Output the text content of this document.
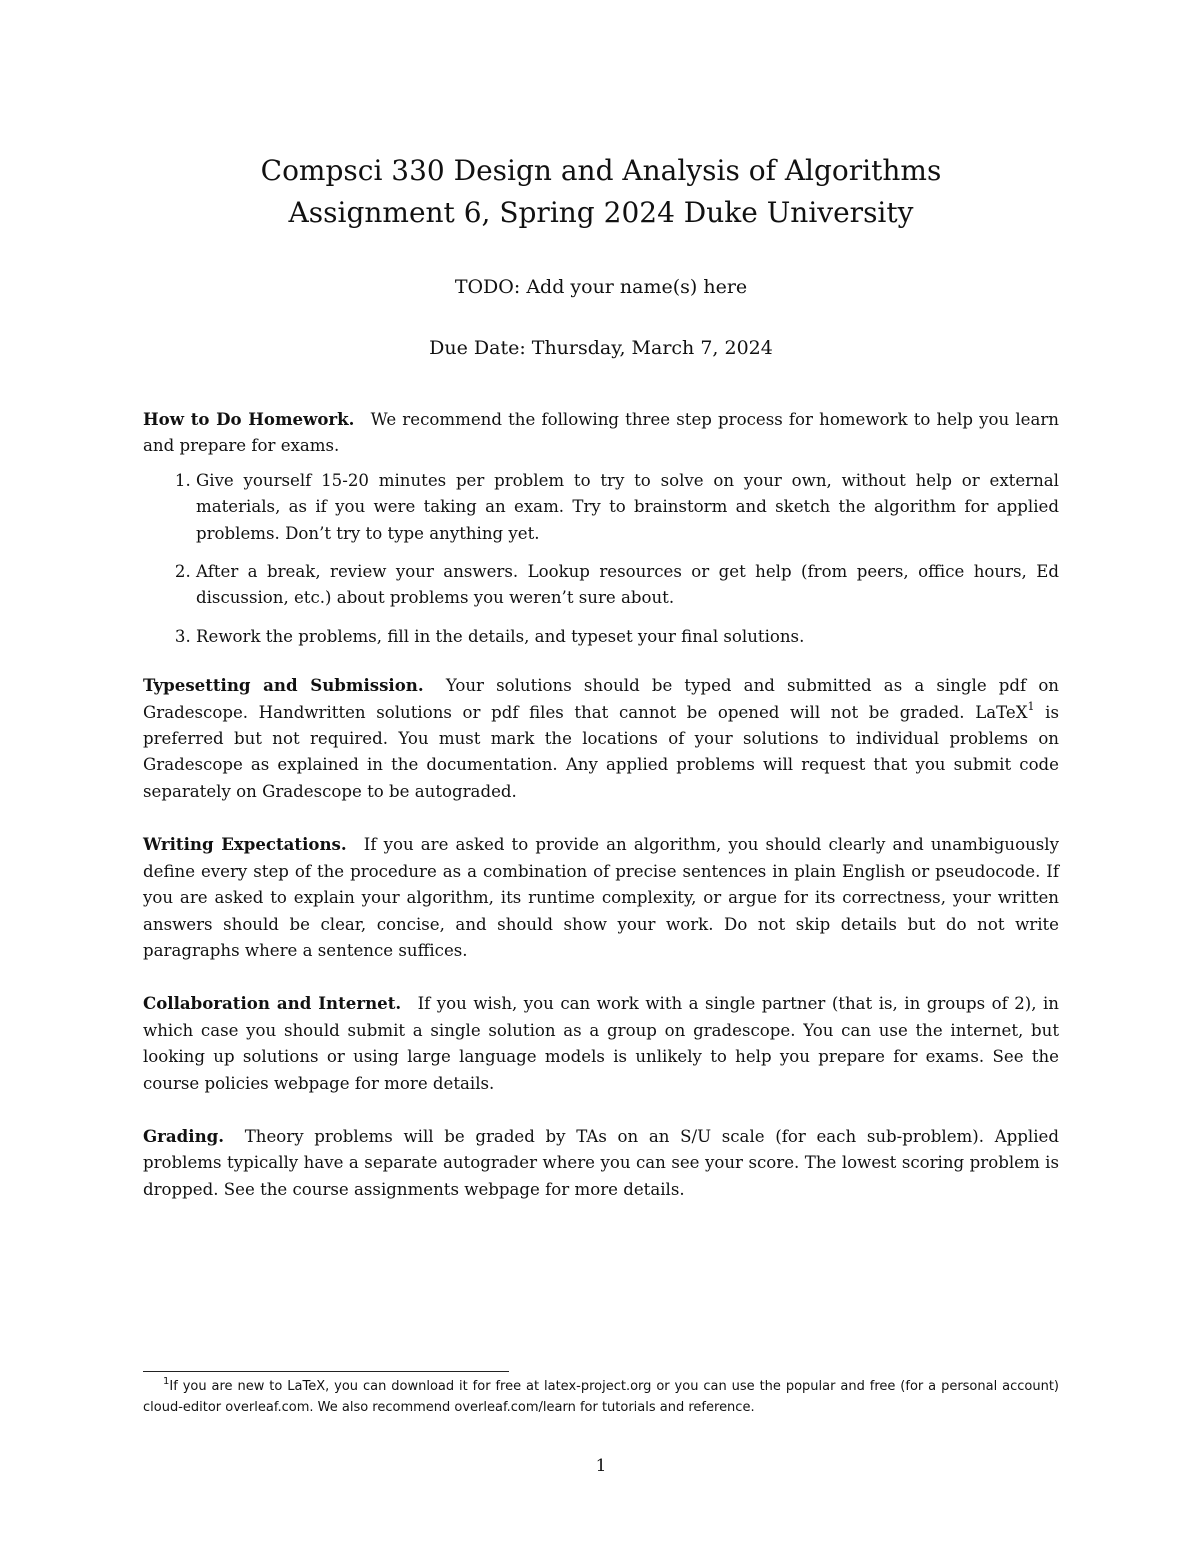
Compsci 330 Design and Analysis of Algorithms
Assignment 6, Spring 2024 Duke University

TODO: Add your name(s) here

Due Date: Thursday, March 7, 2024

How to Do Homework. We recommend the following three step process for homework to help you learn and prepare for exams.

1. Give yourself 15-20 minutes per problem to try to solve on your own, without help or external materials, as if you were taking an exam. Try to brainstorm and sketch the algorithm for applied problems. Don’t try to type anything yet.
2. After a break, review your answers. Lookup resources or get help (from peers, office hours, Ed discussion, etc.) about problems you weren’t sure about.
3. Rework the problems, fill in the details, and typeset your final solutions.

Typesetting and Submission. Your solutions should be typed and submitted as a single pdf on Gradescope. Handwritten solutions or pdf files that cannot be opened will not be graded. LaTeX$^1$ is preferred but not required. You must mark the locations of your solutions to individual problems on Gradescope as explained in the documentation. Any applied problems will request that you submit code separately on Gradescope to be autograded.

Writing Expectations. If you are asked to provide an algorithm, you should clearly and unambiguously define every step of the procedure as a combination of precise sentences in plain English or pseudocode. If you are asked to explain your algorithm, its runtime complexity, or argue for its correctness, your written answers should be clear, concise, and should show your work. Do not skip details but do not write paragraphs where a sentence suffices.

Collaboration and Internet. If you wish, you can work with a single partner (that is, in groups of 2), in which case you should submit a single solution as a group on gradescope. You can use the internet, but looking up solutions or using large language models is unlikely to help you prepare for exams. See the course policies webpage for more details.

Grading. Theory problems will be graded by TAs on an S/U scale (for each sub-problem). Applied problems typically have a separate autograder where you can see your score. The lowest scoring problem is dropped. See the course assignments webpage for more details.

$^1$If you are new to LaTeX, you can download it for free at latex-project.org or you can use the popular and free (for a personal account) cloud-editor overleaf.com. We also recommend overleaf.com/learn for tutorials and reference.

1
